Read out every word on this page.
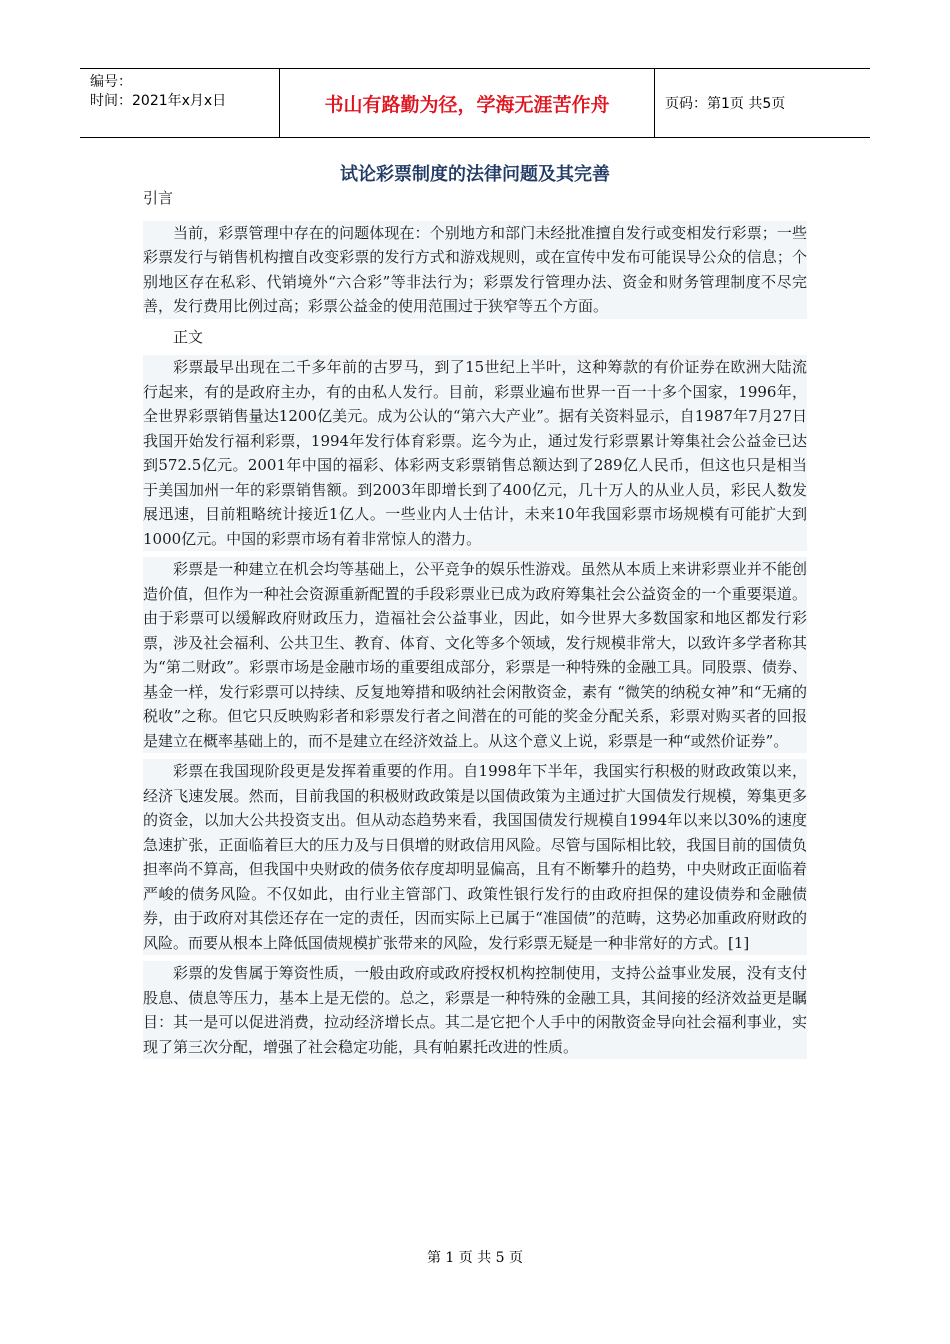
编号：
时间：2021年x月x日	书山有路勤为径，学海无涯苦作舟	页码：第1页 共5页
试论彩票制度的法律问题及其完善

引言

当前，彩票管理中存在的问题体现在：个别地方和部门未经批准擅自发行或变相发行彩票；一些彩票发行与销售机构擅自改变彩票的发行方式和游戏规则，或在宣传中发布可能误导公众的信息；个别地区存在私彩、代销境外“六合彩”等非法行为；彩票发行管理办法、资金和财务管理制度不尽完善，发行费用比例过高；彩票公益金的使用范围过于狭窄等五个方面。

正文

彩票最早出现在二千多年前的古罗马，到了15世纪上半叶，这种筹款的有价证券在欧洲大陆流行起来，有的是政府主办，有的由私人发行。目前，彩票业遍布世界一百一十多个国家，1996年，全世界彩票销售量达1200亿美元。成为公认的“第六大产业”。据有关资料显示，自1987年7月27日我国开始发行福利彩票，1994年发行体育彩票。迄今为止，通过发行彩票累计筹集社会公益金已达到572.5亿元。2001年中国的福彩、体彩两支彩票销售总额达到了289亿人民币，但这也只是相当于美国加州一年的彩票销售额。到2003年即增长到了400亿元，几十万人的从业人员，彩民人数发展迅速，目前粗略统计接近1亿人。一些业内人士估计，未来10年我国彩票市场规模有可能扩大到1000亿元。中国的彩票市场有着非常惊人的潜力。

彩票是一种建立在机会均等基础上，公平竞争的娱乐性游戏。虽然从本质上来讲彩票业并不能创造价值，但作为一种社会资源重新配置的手段彩票业已成为政府筹集社会公益资金的一个重要渠道。由于彩票可以缓解政府财政压力，造福社会公益事业，因此，如今世界大多数国家和地区都发行彩票，涉及社会福利、公共卫生、教育、体育、文化等多个领域，发行规模非常大，以致许多学者称其为“第二财政”。彩票市场是金融市场的重要组成部分，彩票是一种特殊的金融工具。同股票、债券、基金一样，发行彩票可以持续、反复地筹措和吸纳社会闲散资金，素有 “微笑的纳税女神”和“无痛的税收”之称。但它只反映购彩者和彩票发行者之间潜在的可能的奖金分配关系，彩票对购买者的回报是建立在概率基础上的，而不是建立在经济效益上。从这个意义上说，彩票是一种“或然价证券”。

彩票在我国现阶段更是发挥着重要的作用。自1998年下半年，我国实行积极的财政政策以来，经济飞速发展。然而，目前我国的积极财政政策是以国债政策为主通过扩大国债发行规模，筹集更多的资金，以加大公共投资支出。但从动态趋势来看，我国国债发行规模自1994年以来以30%的速度急速扩张，正面临着巨大的压力及与日俱增的财政信用风险。尽管与国际相比较，我国目前的国债负担率尚不算高，但我国中央财政的债务依存度却明显偏高，且有不断攀升的趋势，中央财政正面临着严峻的债务风险。不仅如此，由行业主管部门、政策性银行发行的由政府担保的建设债券和金融债券，由于政府对其偿还存在一定的责任，因而实际上已属于“准国债”的范畴，这势必加重政府财政的风险。而要从根本上降低国债规模扩张带来的风险，发行彩票无疑是一种非常好的方式。[1]

彩票的发售属于筹资性质，一般由政府或政府授权机构控制使用，支持公益事业发展，没有支付股息、债息等压力，基本上是无偿的。总之，彩票是一种特殊的金融工具，其间接的经济效益更是瞩目：其一是可以促进消费，拉动经济增长点。其二是它把个人手中的闲散资金导向社会福利事业，实现了第三次分配，增强了社会稳定功能，具有帕累托改进的性质。

第 1 页 共 5 页
